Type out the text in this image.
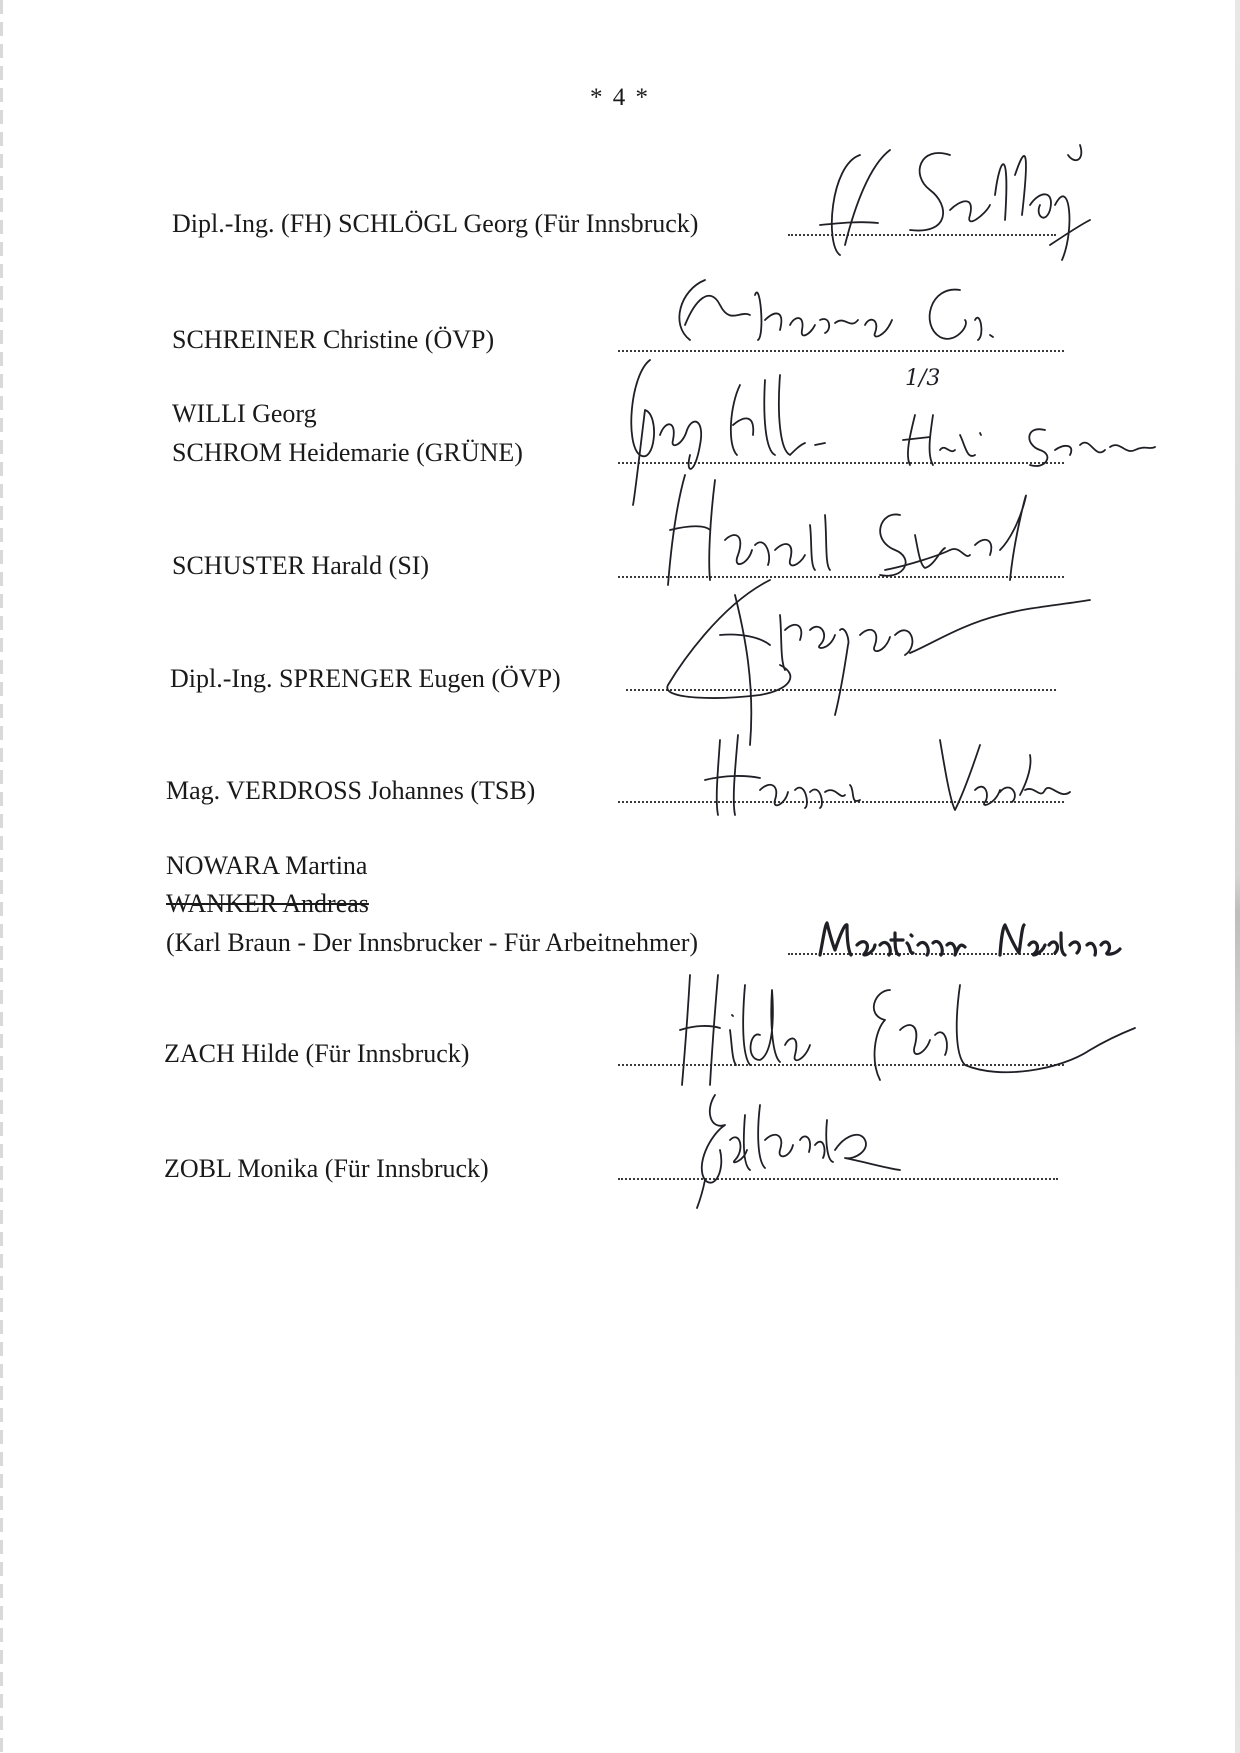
* 4 *
Dipl.-Ing. (FH) SCHLÖGL Georg (Für Innsbruck)
SCHREINER Christine (ÖVP)
WILLI Georg
SCHROM Heidemarie (GRÜNE)
1/3
SCHUSTER Harald (SI)
Dipl.-Ing. SPRENGER Eugen (ÖVP)
Mag. VERDROSS Johannes (TSB)
NOWARA Martina
WANKER Andreas
(Karl Braun - Der Innsbrucker - Für Arbeitnehmer)
ZACH Hilde (Für Innsbruck)
ZOBL Monika (Für Innsbruck)
